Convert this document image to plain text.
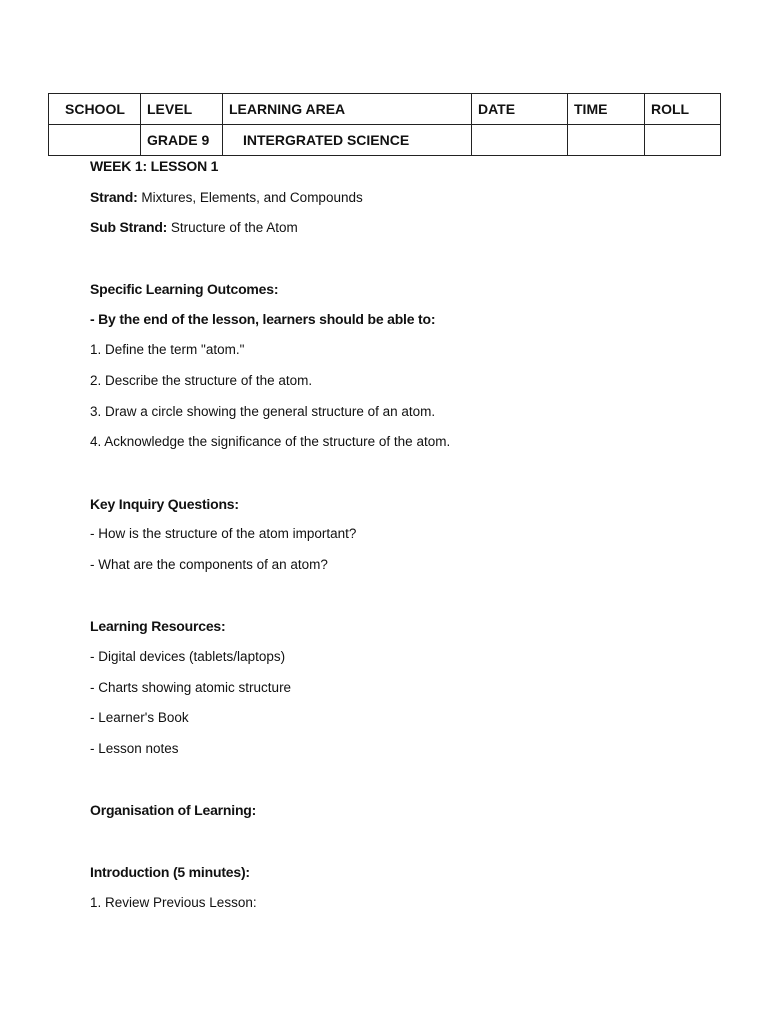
SCHOOL	LEVEL	LEARNING AREA	DATE	TIME	ROLL
	GRADE 9	INTERGRATED SCIENCE			
WEEK 1: LESSON 1
Strand: Mixtures, Elements, and Compounds
Sub Strand: Structure of the Atom
Specific Learning Outcomes:
- By the end of the lesson, learners should be able to:
1. Define the term "atom."
2. Describe the structure of the atom.
3. Draw a circle showing the general structure of an atom.
4. Acknowledge the significance of the structure of the atom.
Key Inquiry Questions:
- How is the structure of the atom important?
- What are the components of an atom?
Learning Resources:
- Digital devices (tablets/laptops)
- Charts showing atomic structure
- Learner's Book
- Lesson notes
Organisation of Learning:
Introduction (5 minutes):
1. Review Previous Lesson:
